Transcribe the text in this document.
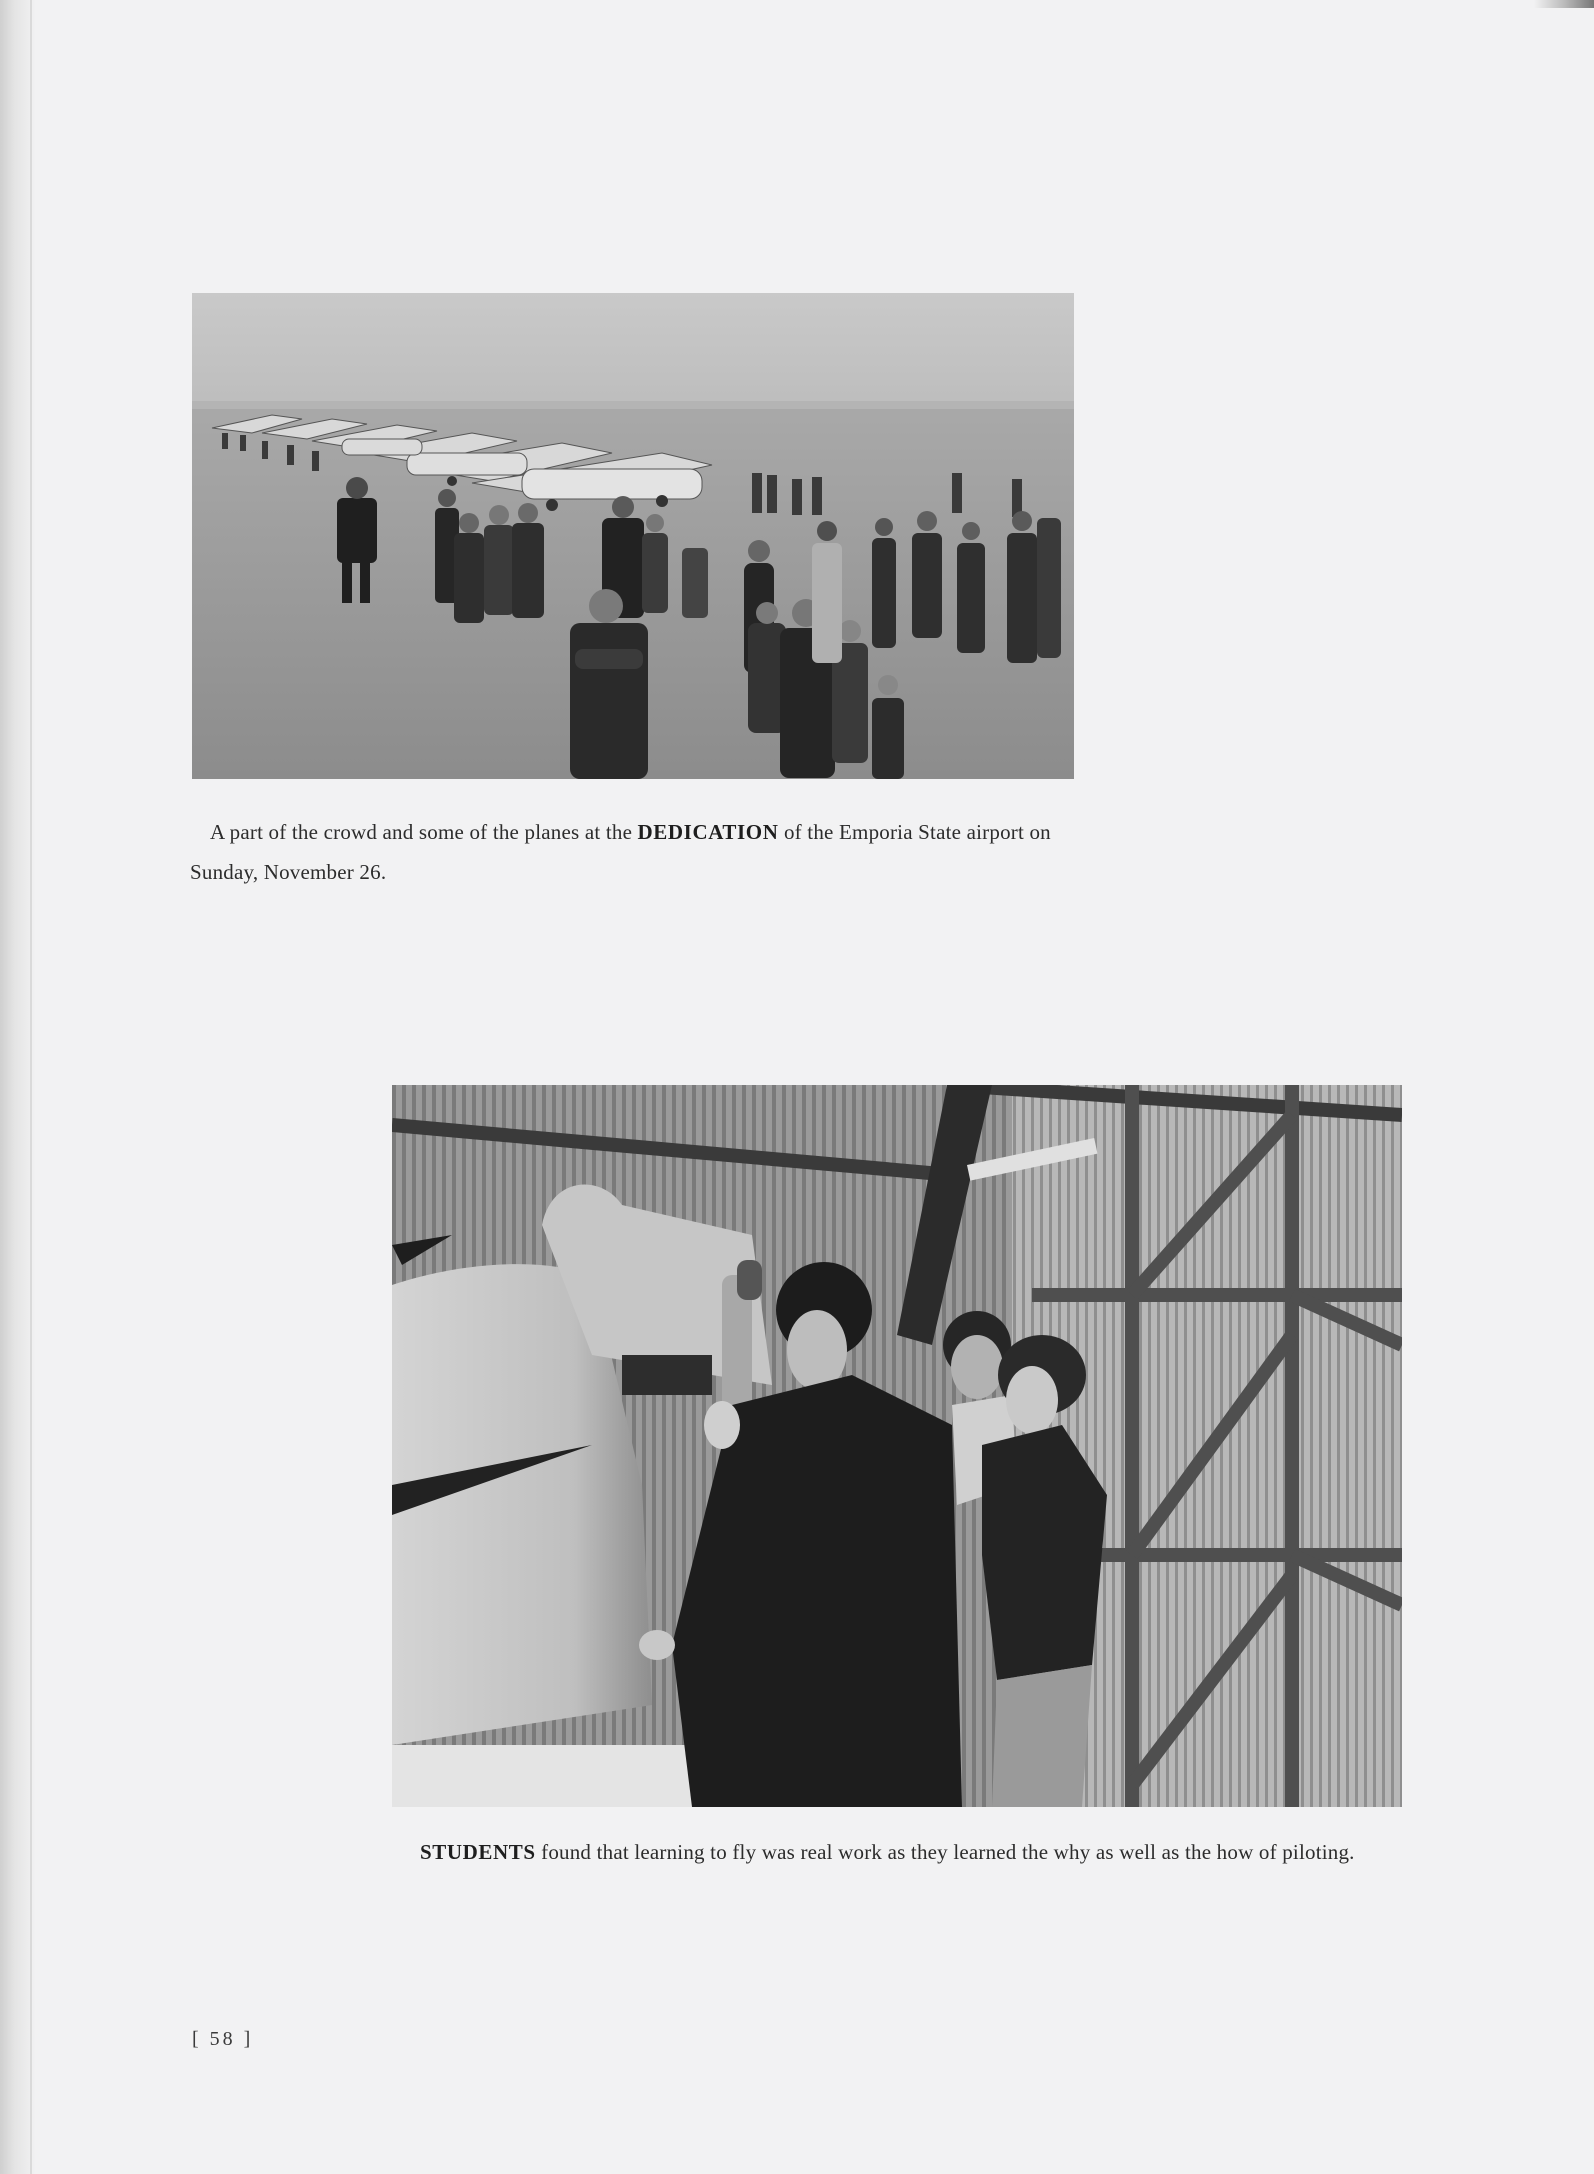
A part of the crowd and some of the planes at the DEDICATION of the Emporia State airport on Sunday, November 26.
STUDENTS found that learning to fly was real work as they learned the why as well as the how of piloting.
[ 58 ]
